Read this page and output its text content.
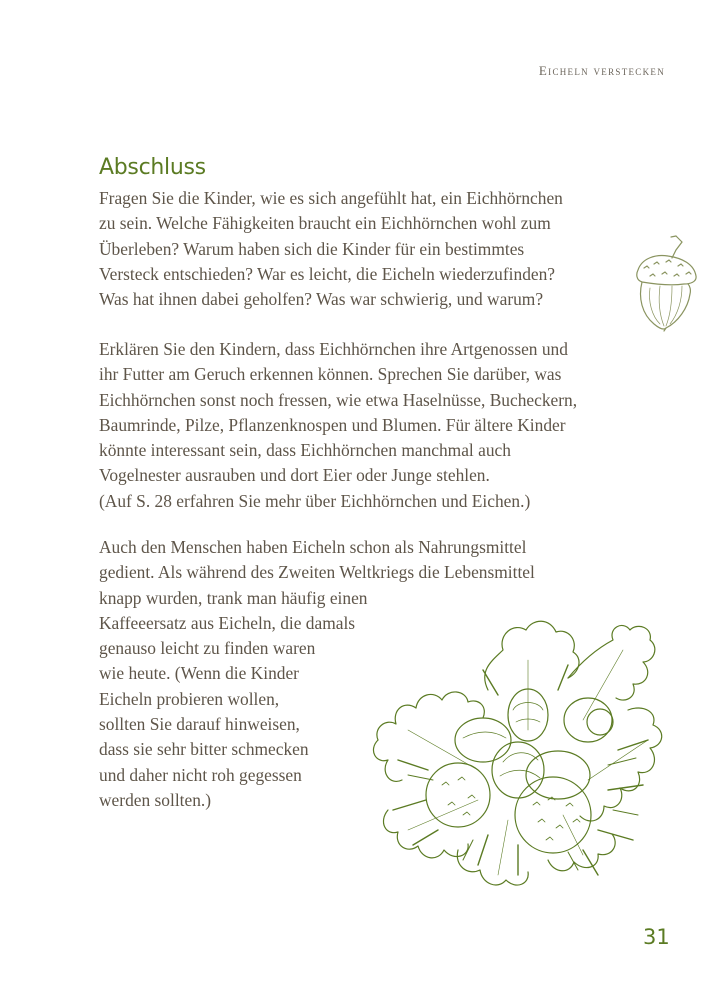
Eicheln verstecken
Abschluss

Fragen Sie die Kinder, wie es sich angefühlt hat, ein Eichhörnchen
zu sein. Welche Fähigkeiten braucht ein Eichhörnchen wohl zum
Überleben? Warum haben sich die Kinder für ein bestimmtes
Versteck entschieden? War es leicht, die Eicheln wiederzufinden?
Was hat ihnen dabei geholfen? Was war schwierig, und warum?

Erklären Sie den Kindern, dass Eichhörnchen ihre Artgenossen und
ihr Futter am Geruch erkennen können. Sprechen Sie darüber, was
Eichhörnchen sonst noch fressen, wie etwa Haselnüsse, Bucheckern,
Baumrinde, Pilze, Pflanzenknospen und Blumen. Für ältere Kinder
könnte interessant sein, dass Eichhörnchen manchmal auch
Vogelnester ausrauben und dort Eier oder Junge stehlen.
(Auf S. 28 erfahren Sie mehr über Eichhörnchen und Eichen.)

Auch den Menschen haben Eicheln schon als Nahrungsmittel
gedient. Als während des Zweiten Weltkriegs die Lebensmittel
knapp wurden, trank man häufig einen
Kaffeeersatz aus Eicheln, die damals
genauso leicht zu finden waren
wie heute. (Wenn die Kinder
Eicheln probieren wollen,
sollten Sie darauf hinweisen,
dass sie sehr bitter schmecken
und daher nicht roh gegessen
werden sollten.)

31
